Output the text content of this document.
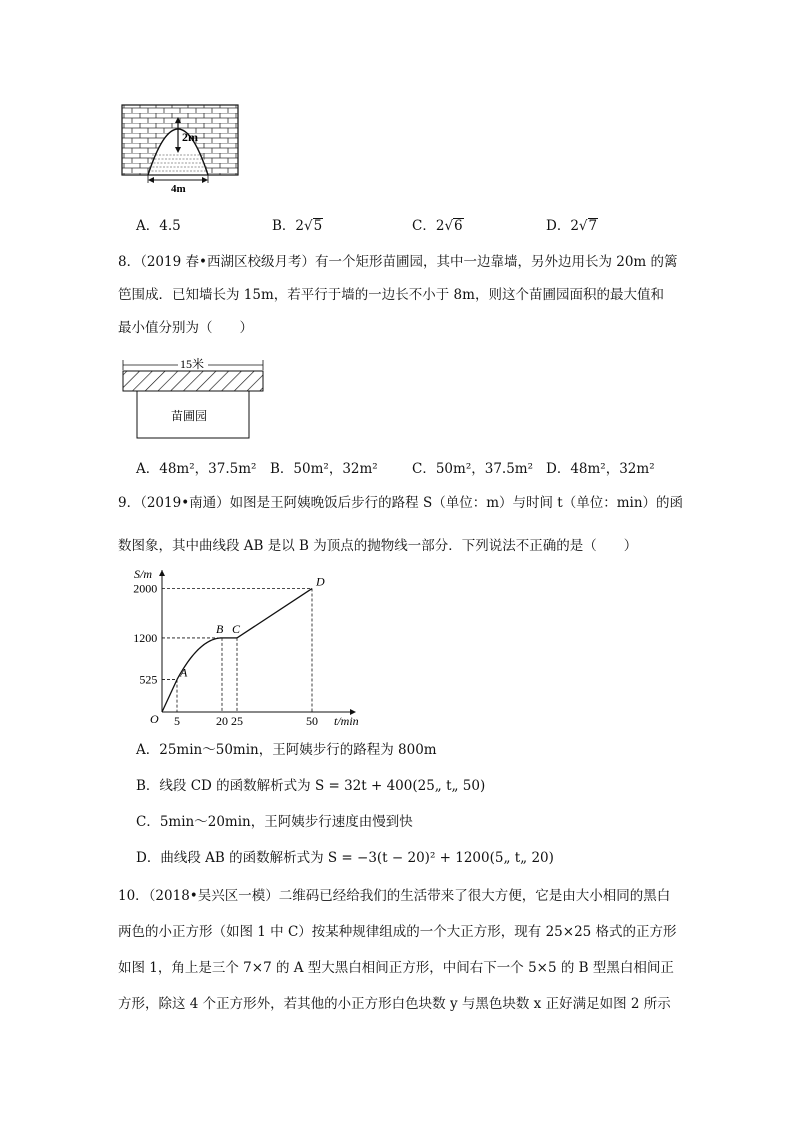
2m
4m
A．4.5	B．2√5	C．2√6	D．2√7
8．（2019 春•西湖区校级月考）有一个矩形苗圃园，其中一边靠墙，另外边用长为 20m 的篱
笆围成．已知墙长为 15m，若平行于墙的一边长不小于 8m，则这个苗圃园面积的最大值和
最小值分别为（　　）
15米
苗圃园
A．48m²，37.5m² B．50m²，32m²	C．50m²，37.5m² D．48m²，32m²
9．（2019•南通）如图是王阿姨晚饭后步行的路程 S（单位：m）与时间 t（单位：min）的函
数图象，其中曲线段 AB 是以 B 为顶点的抛物线一部分．下列说法不正确的是（　　）
S/m
t/min
O
A
B C
D
5	20 25	50
525
1200
2000
A．25min～50min，王阿姨步行的路程为 800m
B．线段 CD 的函数解析式为 S = 32t + 400(25„ t„ 50)
C．5min～20min，王阿姨步行速度由慢到快
D．曲线段 AB 的函数解析式为 S = −3(t − 20)² + 1200(5„ t„ 20)
10．（2018•吴兴区一模）二维码已经给我们的生活带来了很大方便，它是由大小相同的黑白
两色的小正方形（如图 1 中 C）按某种规律组成的一个大正方形，现有 25×25 格式的正方形
如图 1，角上是三个 7×7 的 A 型大黑白相间正方形，中间右下一个 5×5 的 B 型黑白相间正
方形，除这 4 个正方形外，若其他的小正方形白色块数 y 与黑色块数 x 正好满足如图 2 所示
